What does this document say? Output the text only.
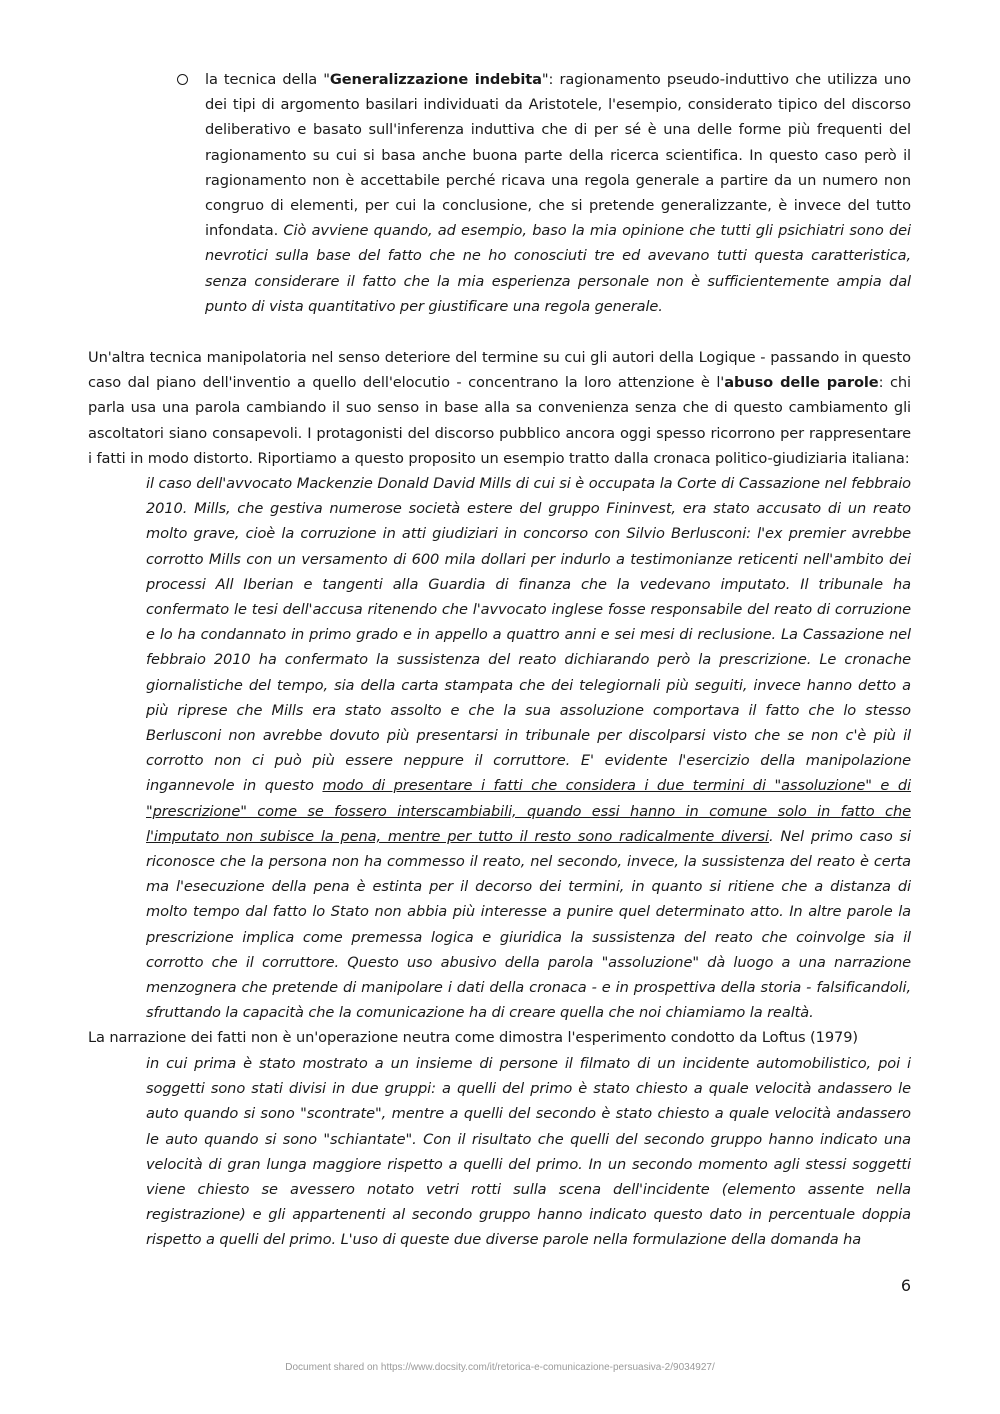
la tecnica della "Generalizzazione indebita": ragionamento pseudo-induttivo che utilizza uno dei tipi di argomento basilari individuati da Aristotele, l'esempio, considerato tipico del discorso deliberativo e basato sull'inferenza induttiva che di per sé è una delle forme più frequenti del ragionamento su cui si basa anche buona parte della ricerca scientifica. In questo caso però il ragionamento non è accettabile perché ricava una regola generale a partire da un numero non congruo di elementi, per cui la conclusione, che si pretende generalizzante, è invece del tutto infondata. Ciò avviene quando, ad esempio, baso la mia opinione che tutti gli psichiatri sono dei nevrotici sulla base del fatto che ne ho conosciuti tre ed avevano tutti questa caratteristica, senza considerare il fatto che la mia esperienza personale non è sufficientemente ampia dal punto di vista quantitativo per giustificare una regola generale.

Un'altra tecnica manipolatoria nel senso deteriore del termine su cui gli autori della Logique - passando in questo caso dal piano dell'inventio a quello dell'elocutio - concentrano la loro attenzione è l'abuso delle parole: chi parla usa una parola cambiando il suo senso in base alla sa convenienza senza che di questo cambiamento gli ascoltatori siano consapevoli. I protagonisti del discorso pubblico ancora oggi spesso ricorrono per rappresentare i fatti in modo distorto. Riportiamo a questo proposito un esempio tratto dalla cronaca politico-giudiziaria italiana:

il caso dell'avvocato Mackenzie Donald David Mills di cui si è occupata la Corte di Cassazione nel febbraio 2010. Mills, che gestiva numerose società estere del gruppo Fininvest, era stato accusato di un reato molto grave, cioè la corruzione in atti giudiziari in concorso con Silvio Berlusconi: l'ex premier avrebbe corrotto Mills con un versamento di 600 mila dollari per indurlo a testimonianze reticenti nell'ambito dei processi All Iberian e tangenti alla Guardia di finanza che la vedevano imputato. Il tribunale ha confermato le tesi dell'accusa ritenendo che l'avvocato inglese fosse responsabile del reato di corruzione e lo ha condannato in primo grado e in appello a quattro anni e sei mesi di reclusione. La Cassazione nel febbraio 2010 ha confermato la sussistenza del reato dichiarando però la prescrizione. Le cronache giornalistiche del tempo, sia della carta stampata che dei telegiornali più seguiti, invece hanno detto a più riprese che Mills era stato assolto e che la sua assoluzione comportava il fatto che lo stesso Berlusconi non avrebbe dovuto più presentarsi in tribunale per discolparsi visto che se non c'è più il corrotto non ci può più essere neppure il corruttore. E' evidente l'esercizio della manipolazione ingannevole in questo modo di presentare i fatti che considera i due termini di "assoluzione" e di "prescrizione" come se fossero interscambiabili, quando essi hanno in comune solo in fatto che l'imputato non subisce la pena, mentre per tutto il resto sono radicalmente diversi. Nel primo caso si riconosce che la persona non ha commesso il reato, nel secondo, invece, la sussistenza del reato è certa ma l'esecuzione della pena è estinta per il decorso dei termini, in quanto si ritiene che a distanza di molto tempo dal fatto lo Stato non abbia più interesse a punire quel determinato atto. In altre parole la prescrizione implica come premessa logica e giuridica la sussistenza del reato che coinvolge sia il corrotto che il corruttore. Questo uso abusivo della parola "assoluzione" dà luogo a una narrazione menzognera che pretende di manipolare i dati della cronaca - e in prospettiva della storia - falsificandoli, sfruttando la capacità che la comunicazione ha di creare quella che noi chiamiamo la realtà.

La narrazione dei fatti non è un'operazione neutra come dimostra l'esperimento condotto da Loftus (1979)

in cui prima è stato mostrato a un insieme di persone il filmato di un incidente automobilistico, poi i soggetti sono stati divisi in due gruppi: a quelli del primo è stato chiesto a quale velocità andassero le auto quando si sono "scontrate", mentre a quelli del secondo è stato chiesto a quale velocità andassero le auto quando si sono "schiantate". Con il risultato che quelli del secondo gruppo hanno indicato una velocità di gran lunga maggiore rispetto a quelli del primo. In un secondo momento agli stessi soggetti viene chiesto se avessero notato vetri rotti sulla scena dell'incidente (elemento assente nella registrazione) e gli appartenenti al secondo gruppo hanno indicato questo dato in percentuale doppia rispetto a quelli del primo. L'uso di queste due diverse parole nella formulazione della domanda ha

6
Document shared on https://www.docsity.com/it/retorica-e-comunicazione-persuasiva-2/9034927/
